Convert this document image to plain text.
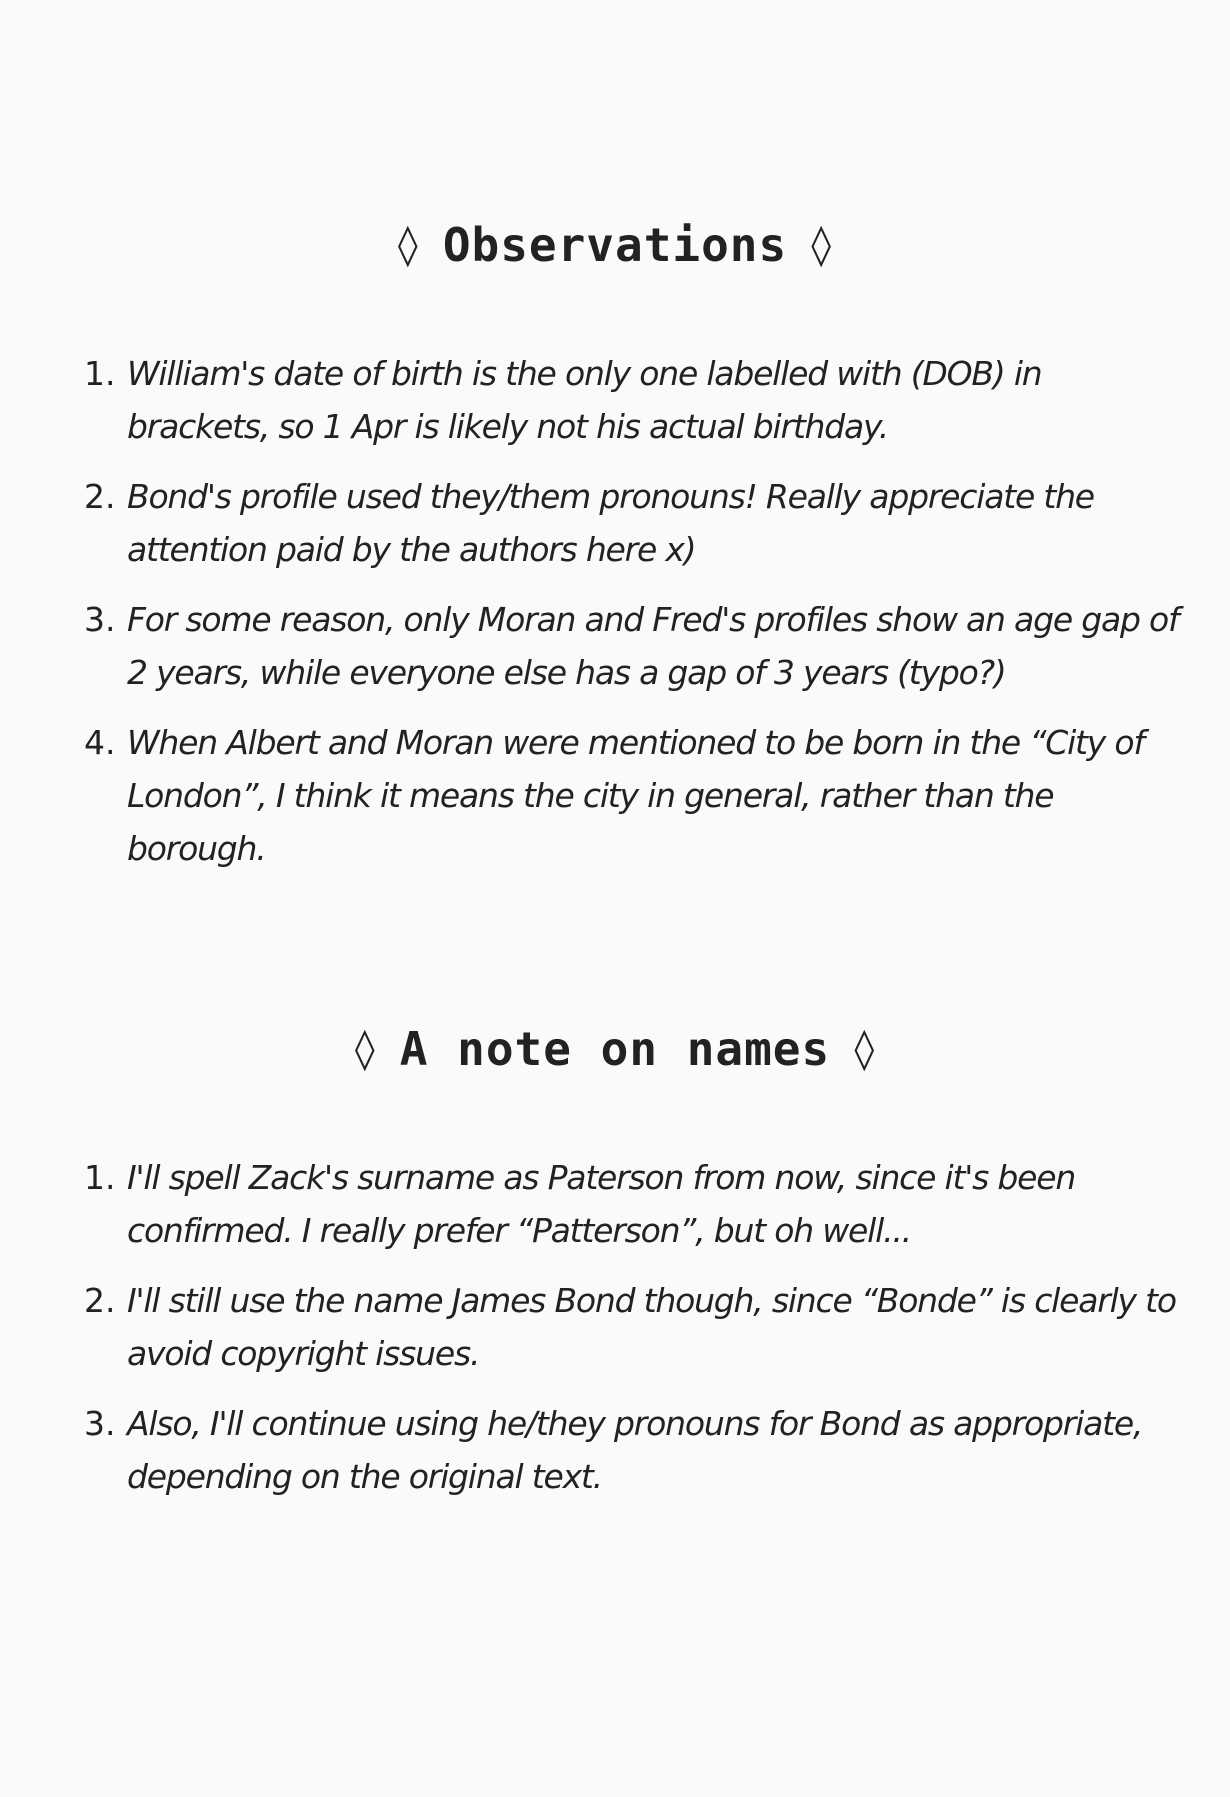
◊ Observations ◊
1. William's date of birth is the only one labelled with (DOB) in brackets, so 1 Apr is likely not his actual birthday.
2. Bond's profile used they/them pronouns! Really appreciate the attention paid by the authors here x)
3. For some reason, only Moran and Fred's profiles show an age gap of 2 years, while everyone else has a gap of 3 years (typo?)
4. When Albert and Moran were mentioned to be born in the “City of London”, I think it means the city in general, rather than the borough.
◊ A note on names ◊
1. I'll spell Zack's surname as Paterson from now, since it's been confirmed. I really prefer “Patterson”, but oh well...
2. I'll still use the name James Bond though, since “Bonde” is clearly to avoid copyright issues.
3. Also, I'll continue using he/they pronouns for Bond as appropriate, depending on the original text.
